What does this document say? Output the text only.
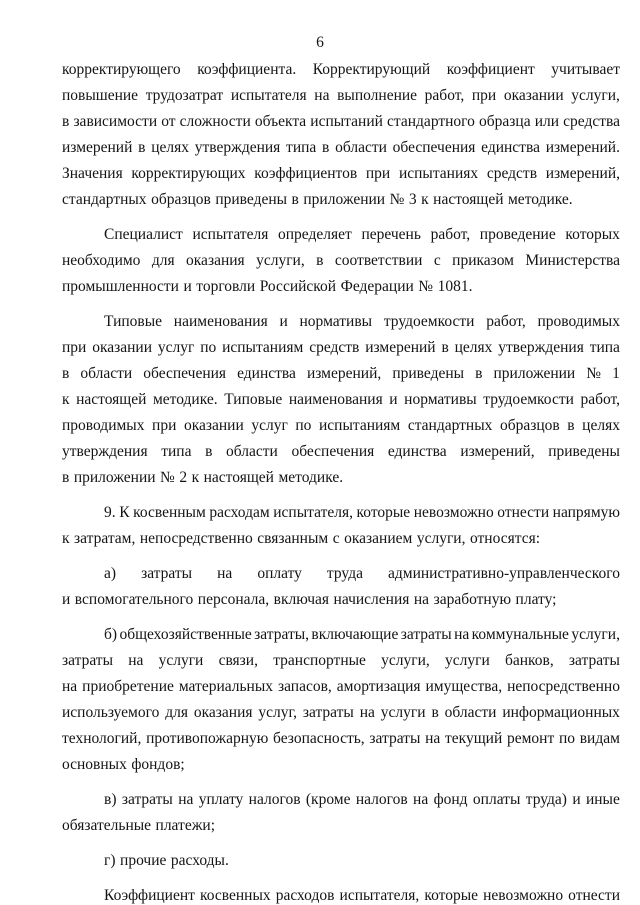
6
корректирующего коэффициента. Корректирующий коэффициент учитывает
повышение трудозатрат испытателя на выполнение работ, при оказании услуги,
в зависимости от сложности объекта испытаний стандартного образца или средства
измерений в целях утверждения типа в области обеспечения единства измерений.
Значения корректирующих коэффициентов при испытаниях средств измерений,
стандартных образцов приведены в приложении № 3 к настоящей методике.
Специалист испытателя определяет перечень работ, проведение которых
необходимо для оказания услуги, в соответствии с приказом Министерства
промышленности и торговли Российской Федерации № 1081.
Типовые наименования и нормативы трудоемкости работ, проводимых
при оказании услуг по испытаниям средств измерений в целях утверждения типа
в области обеспечения единства измерений, приведены в приложении № 1
к настоящей методике. Типовые наименования и нормативы трудоемкости работ,
проводимых при оказании услуг по испытаниям стандартных образцов в целях
утверждения типа в области обеспечения единства измерений, приведены
в приложении № 2 к настоящей методике.
9. К косвенным расходам испытателя, которые невозможно отнести напрямую
к затратам, непосредственно связанным с оказанием услуги, относятся:
а) затраты на оплату труда административно-управленческого
и вспомогательного персонала, включая начисления на заработную плату;
б) общехозяйственные затраты, включающие затраты на коммунальные услуги,
затраты на услуги связи, транспортные услуги, услуги банков, затраты
на приобретение материальных запасов, амортизация имущества, непосредственно
используемого для оказания услуг, затраты на услуги в области информационных
технологий, противопожарную безопасность, затраты на текущий ремонт по видам
основных фондов;
в) затраты на уплату налогов (кроме налогов на фонд оплаты труда) и иные
обязательные платежи;
г) прочие расходы.
Коэффициент косвенных расходов испытателя, которые невозможно отнести
